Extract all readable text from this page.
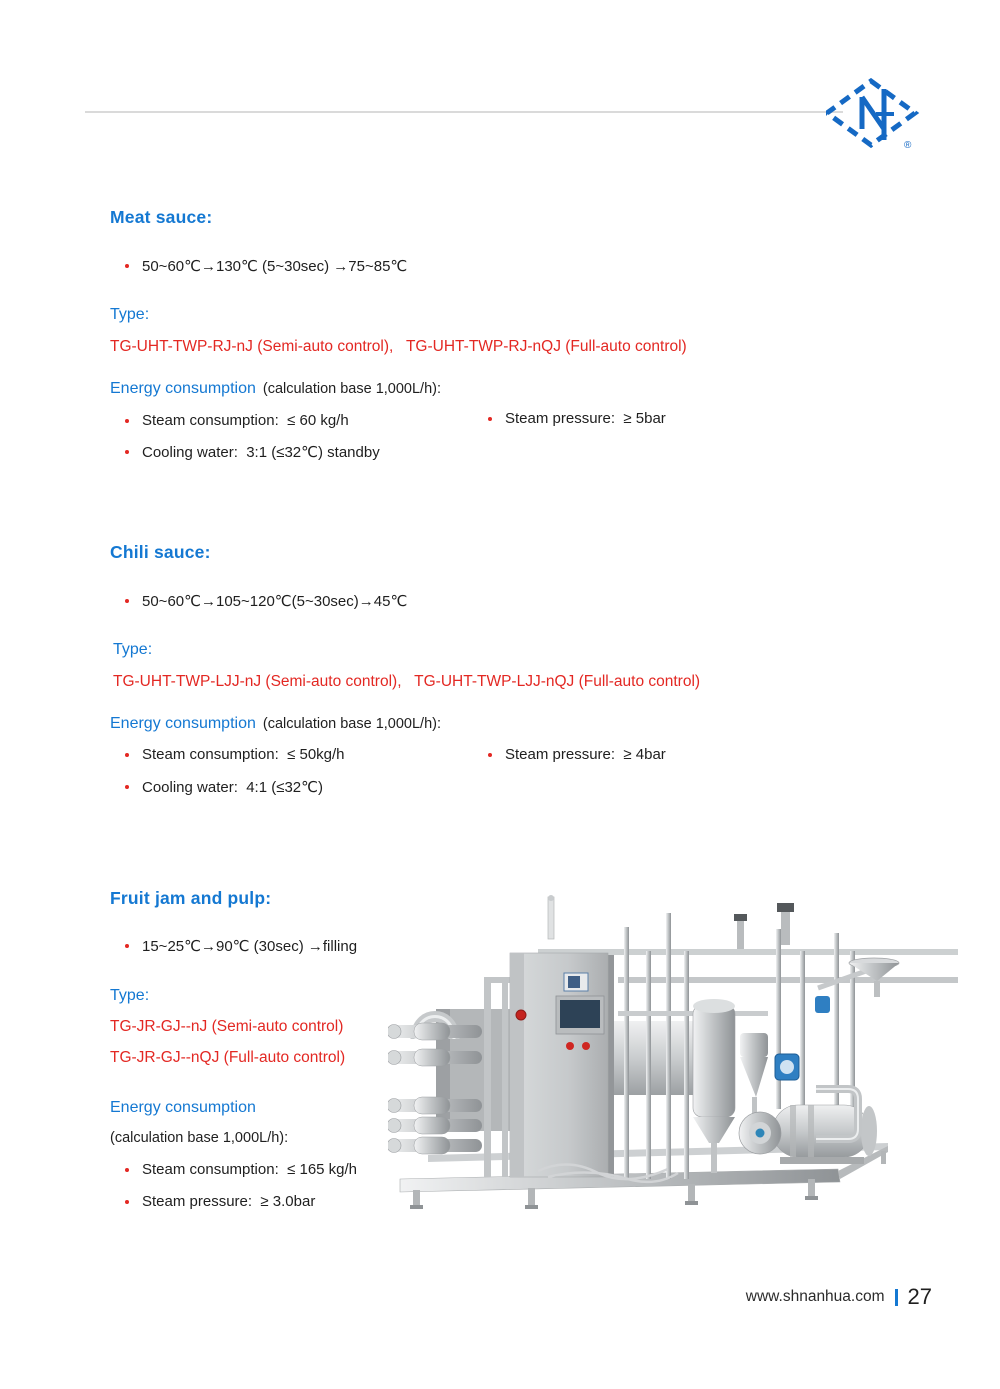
®
Meat sauce:
50~60℃→130℃ (5~30sec) →75~85℃
Type:
TG-UHT-TWP-RJ-nJ (Semi-auto control),   TG-UHT-TWP-RJ-nQJ (Full-auto control)
Energy consumption (calculation base 1,000L/h):
Steam consumption:  ≤ 60 kg/h	Steam pressure:  ≥ 5bar
Cooling water:  3:1 (≤32℃) standby
Chili sauce:
50~60℃→105~120℃(5~30sec)→45℃
Type:
TG-UHT-TWP-LJJ-nJ (Semi-auto control),   TG-UHT-TWP-LJJ-nQJ (Full-auto control)
Energy consumption (calculation base 1,000L/h):
Steam consumption:  ≤ 50kg/h	Steam pressure:  ≥ 4bar
Cooling water:  4:1 (≤32℃)
Fruit jam and pulp:
15~25℃→90℃ (30sec) →filling
Type:
TG-JR-GJ--nJ (Semi-auto control)
TG-JR-GJ--nQJ (Full-auto control)
Energy consumption
(calculation base 1,000L/h):
Steam consumption:  ≤ 165 kg/h
Steam pressure:  ≥ 3.0bar
www.shnanhua.com 27
